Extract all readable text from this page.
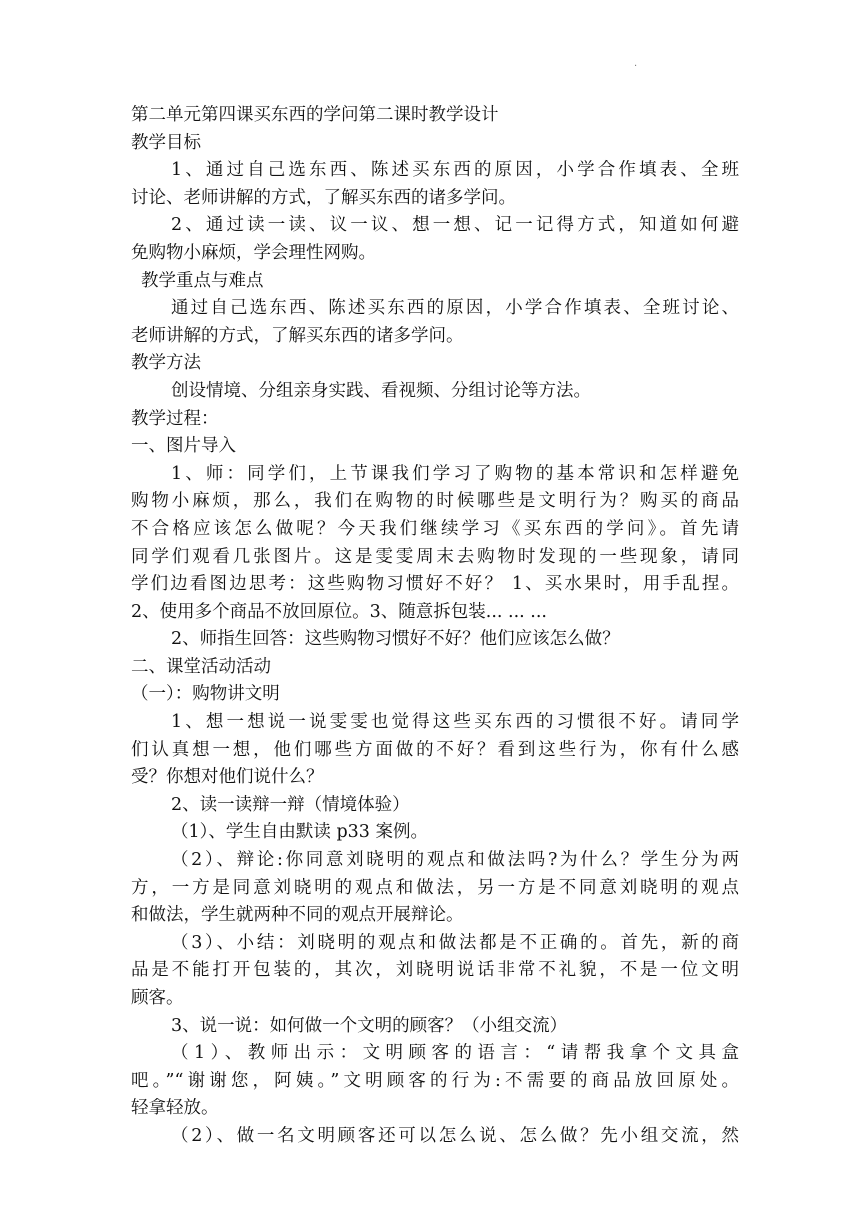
.

第二单元第四课买东西的学问第二课时教学设计

教学目标

1、通过自己选东西、陈述买东西的原因，小学合作填表、全班

讨论、老师讲解的方式，了解买东西的诸多学问。

2、通过读一读、议一议、想一想、记一记得方式，知道如何避

免购物小麻烦，学会理性网购。

教学重点与难点

通过自己选东西、陈述买东西的原因，小学合作填表、全班讨论、

老师讲解的方式，了解买东西的诸多学问。

教学方法

创设情境、分组亲身实践、看视频、分组讨论等方法。

教学过程：

一、图片导入

1、师：同学们，上节课我们学习了购物的基本常识和怎样避免

购物小麻烦，那么，我们在购物的时候哪些是文明行为？购买的商品

不合格应该怎么做呢？今天我们继续学习《买东西的学问》。首先请

同学们观看几张图片。这是雯雯周末去购物时发现的一些现象，请同

学们边看图边思考：这些购物习惯好不好？ 1、买水果时，用手乱捏。

2、使用多个商品不放回原位。3、随意拆包装... ... ...

2、师指生回答：这些购物习惯好不好？他们应该怎么做？

二、课堂活动活动

（一）：购物讲文明

1、想一想说一说雯雯也觉得这些买东西的习惯很不好。请同学

们认真想一想，他们哪些方面做的不好？看到这些行为，你有什么感

受？你想对他们说什么？

2、读一读辩一辩（情境体验）

（1）、学生自由默读 p33 案例。

（2）、辩论:你同意刘晓明的观点和做法吗?为什么？学生分为两

方，一方是同意刘晓明的观点和做法，另一方是不同意刘晓明的观点

和做法，学生就两种不同的观点开展辩论。

（3）、小结：刘晓明的观点和做法都是不正确的。首先，新的商

品是不能打开包装的，其次，刘晓明说话非常不礼貌，不是一位文明

顾客。

3、说一说：如何做一个文明的顾客？（小组交流）

（1）、教师出示：文明顾客的语言：“请帮我拿个文具盒

吧。”“谢谢您，阿姨。”文明顾客的行为:不需要的商品放回原处。

轻拿轻放。

（2）、做一名文明顾客还可以怎么说、怎么做？先小组交流，然
